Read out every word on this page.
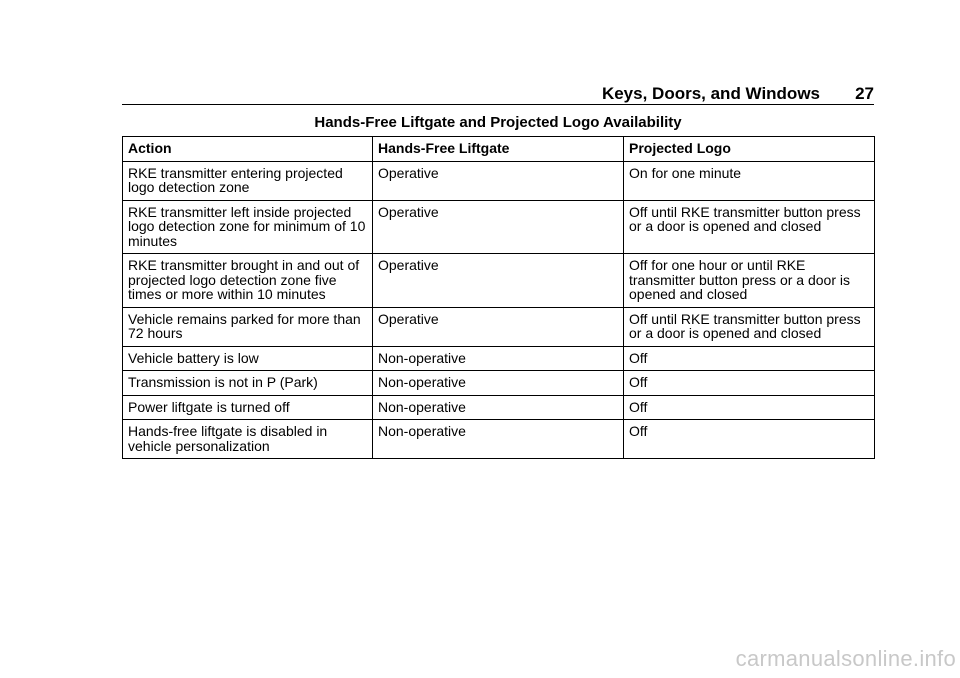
Keys, Doors, and Windows 27
Hands-Free Liftgate and Projected Logo Availability
Action	Hands-Free Liftgate	Projected Logo
RKE transmitter entering projected logo detection zone	Operative	On for one minute
RKE transmitter left inside projected logo detection zone for minimum of 10 minutes	Operative	Off until RKE transmitter button press or a door is opened and closed
RKE transmitter brought in and out of projected logo detection zone five times or more within 10 minutes	Operative	Off for one hour or until RKE transmitter button press or a door is opened and closed
Vehicle remains parked for more than 72 hours	Operative	Off until RKE transmitter button press or a door is opened and closed
Vehicle battery is low	Non-operative	Off
Transmission is not in P (Park)	Non-operative	Off
Power liftgate is turned off	Non-operative	Off
Hands-free liftgate is disabled in vehicle personalization	Non-operative	Off
carmanualsonline.info
